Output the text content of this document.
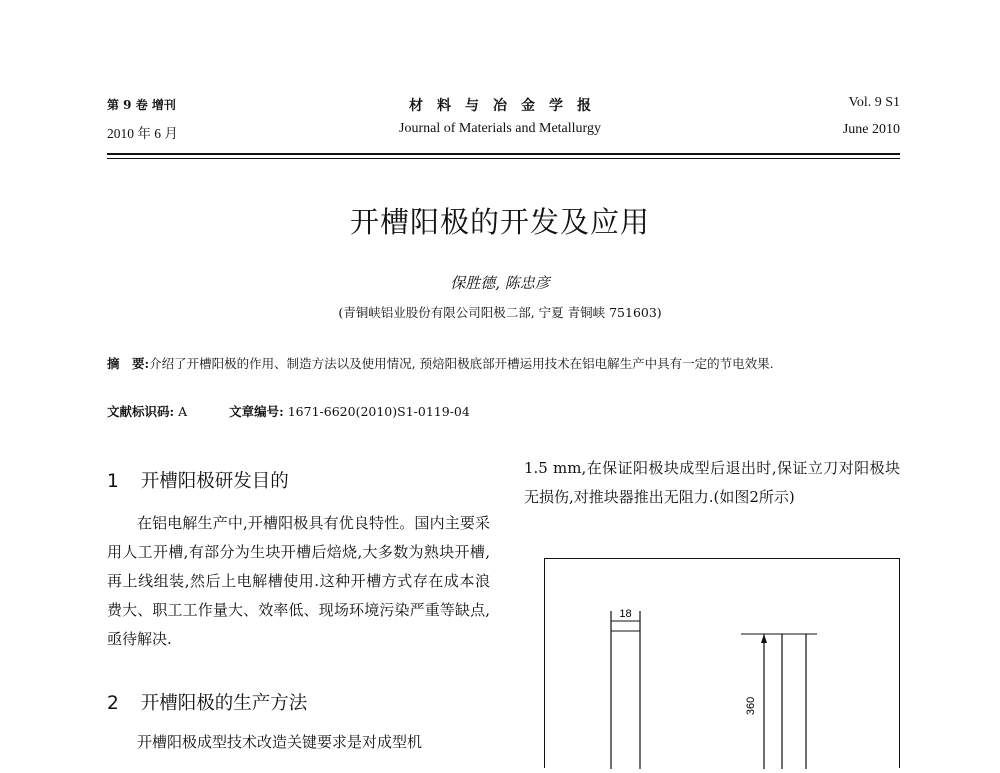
第 9 卷 增刊
2010 年 6 月
材　料　与　冶　金　学　报
Journal of Materials and Metallurgy
Vol. 9 S1
June 2010
开槽阳极的开发及应用
保胜德, 陈忠彦
(青铜峡铝业股份有限公司阳极二部, 宁夏 青铜峡 751603)
摘　要:介绍了开槽阳极的作用、制造方法以及使用情况, 预焙阳极底部开槽运用技术在铝电解生产中具有一定的节电效果.
文献标识码: A	文章编号: 1671-6620(2010)S1-0119-04
1 开槽阳极研发目的
在铝电解生产中,开槽阳极具有优良特性。国内主要采用人工开槽,有部分为生块开槽后焙烧,大多数为熟块开槽,再上线组装,然后上电解槽使用.这种开槽方式存在成本浪费大、职工工作量大、效率低、现场环境污染严重等缺点,亟待解决.
2 开槽阳极的生产方法
开槽阳极成型技术改造关键要求是对成型机
1.5 mm,在保证阳极块成型后退出时,保证立刀对阳极块无损伤,对推块器推出无阻力.(如图2所示)
18
360
